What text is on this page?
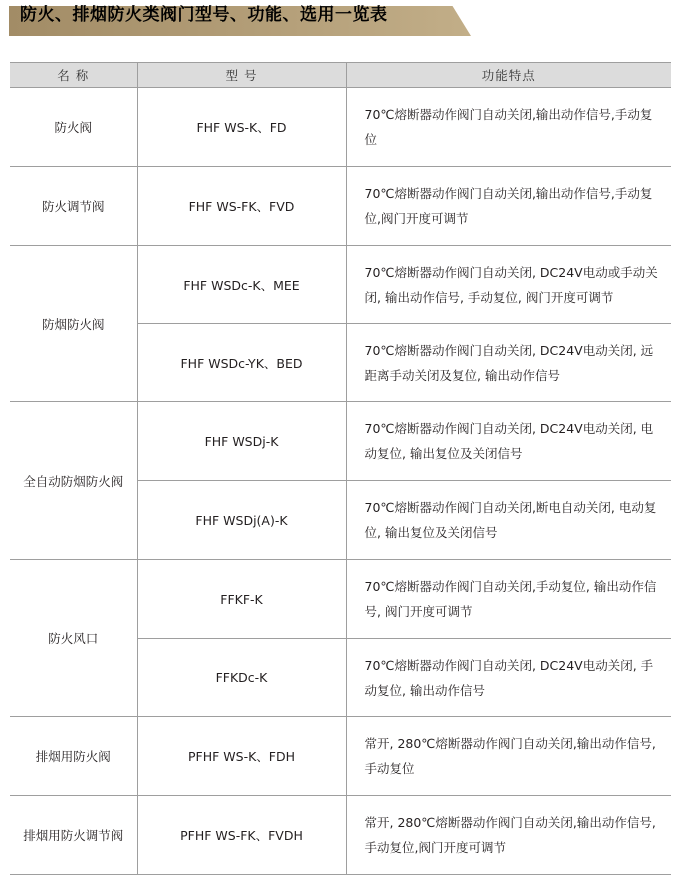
防火、排烟防火类阀门型号、功能、选用一览表
名 称	型 号	功能特点
防火阀	FHF WS-K、FD	70℃熔断器动作阀门自动关闭,输出动作信号,手动复位
防火调节阀	FHF WS-FK、FVD	70℃熔断器动作阀门自动关闭,输出动作信号,手动复位,阀门开度可调节
防烟防火阀	FHF WSDc-K、MEE	70℃熔断器动作阀门自动关闭, DC24V电动或手动关闭, 输出动作信号, 手动复位, 阀门开度可调节
	FHF WSDc-YK、BED	70℃熔断器动作阀门自动关闭, DC24V电动关闭, 远距离手动关闭及复位, 输出动作信号
全自动防烟防火阀	FHF WSDj-K	70℃熔断器动作阀门自动关闭, DC24V电动关闭, 电动复位, 输出复位及关闭信号
	FHF WSDj(A)-K	70℃熔断器动作阀门自动关闭,断电自动关闭, 电动复位, 输出复位及关闭信号
防火风口	FFKF-K	70℃熔断器动作阀门自动关闭,手动复位, 输出动作信号, 阀门开度可调节
	FFKDc-K	70℃熔断器动作阀门自动关闭, DC24V电动关闭, 手动复位, 输出动作信号
排烟用防火阀	PFHF WS-K、FDH	常开, 280℃熔断器动作阀门自动关闭,输出动作信号,手动复位
排烟用防火调节阀	PFHF WS-FK、FVDH	常开, 280℃熔断器动作阀门自动关闭,输出动作信号,手动复位,阀门开度可调节
